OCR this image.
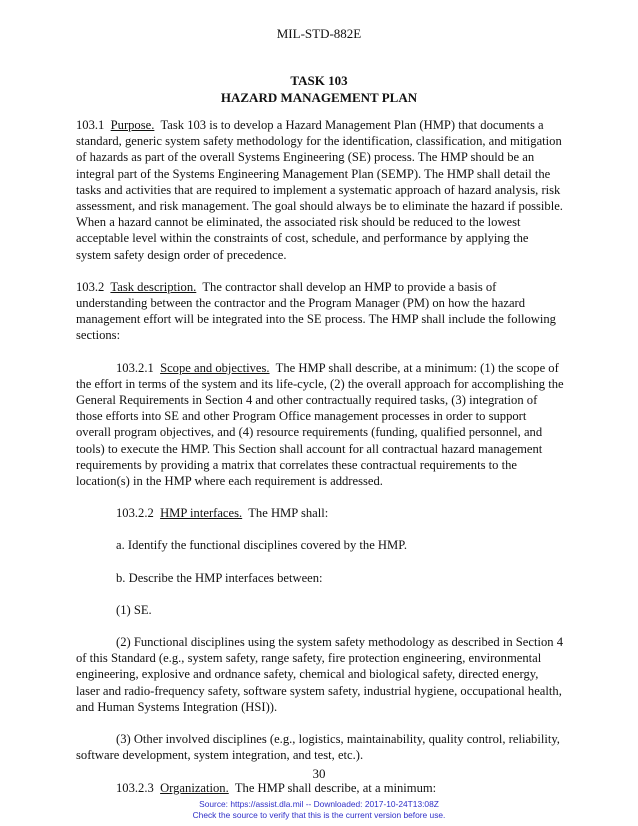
MIL-STD-882E
TASK 103
HAZARD MANAGEMENT PLAN

103.1 Purpose. Task 103 is to develop a Hazard Management Plan (HMP) that documents a standard, generic system safety methodology for the identification, classification, and mitigation of hazards as part of the overall Systems Engineering (SE) process. The HMP should be an integral part of the Systems Engineering Management Plan (SEMP). The HMP shall detail the tasks and activities that are required to implement a systematic approach of hazard analysis, risk assessment, and risk management. The goal should always be to eliminate the hazard if possible. When a hazard cannot be eliminated, the associated risk should be reduced to the lowest acceptable level within the constraints of cost, schedule, and performance by applying the system safety design order of precedence.

103.2 Task description. The contractor shall develop an HMP to provide a basis of understanding between the contractor and the Program Manager (PM) on how the hazard management effort will be integrated into the SE process. The HMP shall include the following sections:

103.2.1 Scope and objectives. The HMP shall describe, at a minimum: (1) the scope of the effort in terms of the system and its life-cycle, (2) the overall approach for accomplishing the General Requirements in Section 4 and other contractually required tasks, (3) integration of those efforts into SE and other Program Office management processes in order to support overall program objectives, and (4) resource requirements (funding, qualified personnel, and tools) to execute the HMP. This Section shall account for all contractual hazard management requirements by providing a matrix that correlates these contractual requirements to the location(s) in the HMP where each requirement is addressed.

103.2.2 HMP interfaces. The HMP shall:

a. Identify the functional disciplines covered by the HMP.

b. Describe the HMP interfaces between:

(1) SE.

(2) Functional disciplines using the system safety methodology as described in Section 4 of this Standard (e.g., system safety, range safety, fire protection engineering, environmental engineering, explosive and ordnance safety, chemical and biological safety, directed energy, laser and radio-frequency safety, software system safety, industrial hygiene, occupational health, and Human Systems Integration (HSI)).

(3) Other involved disciplines (e.g., logistics, maintainability, quality control, reliability, software development, system integration, and test, etc.).

103.2.3 Organization. The HMP shall describe, at a minimum:

30
Source: https://assist.dla.mil -- Downloaded: 2017-10-24T13:08Z
Check the source to verify that this is the current version before use.
